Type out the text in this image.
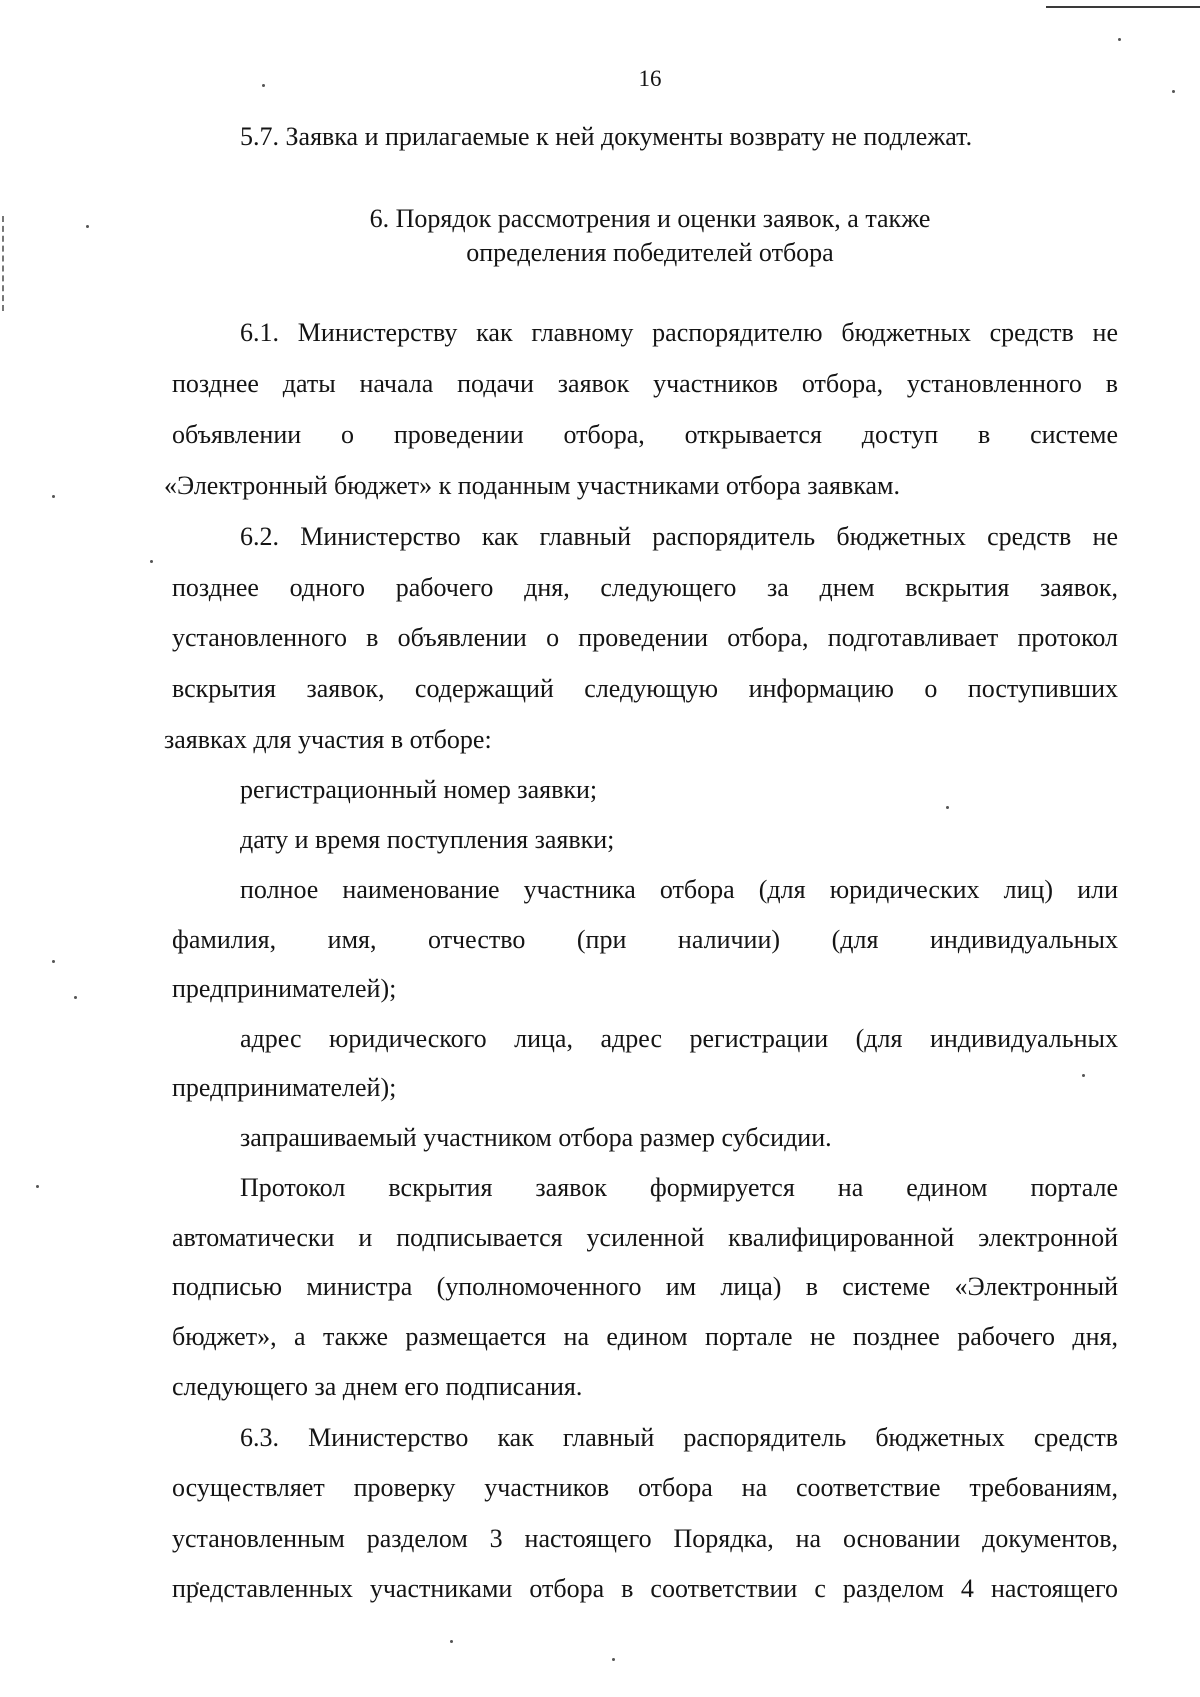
16
5.7. Заявка и прилагаемые к ней документы возврату не подлежат.
6. Порядок рассмотрения и оценки заявок, а также
определения победителей отбора
6.1. Министерству как главному распорядителю бюджетных средств не
позднее даты начала подачи заявок участников отбора, установленного в
объявлении о проведении отбора, открывается доступ в системе
«Электронный бюджет» к поданным участниками отбора заявкам.
6.2. Министерство как главный распорядитель бюджетных средств не
позднее одного рабочего дня, следующего за днем вскрытия заявок,
установленного в объявлении о проведении отбора, подготавливает протокол
вскрытия заявок, содержащий следующую информацию о поступивших
заявках для участия в отборе:
регистрационный номер заявки;
дату и время поступления заявки;
полное наименование участника отбора (для юридических лиц) или
фамилия, имя, отчество (при наличии) (для индивидуальных
предпринимателей);
адрес юридического лица, адрес регистрации (для индивидуальных
предпринимателей);
запрашиваемый участником отбора размер субсидии.
Протокол вскрытия заявок формируется на едином портале
автоматически и подписывается усиленной квалифицированной электронной
подписью министра (уполномоченного им лица) в системе «Электронный
бюджет», а также размещается на едином портале не позднее рабочего дня,
следующего за днем его подписания.
6.3. Министерство как главный распорядитель бюджетных средств
осуществляет проверку участников отбора на соответствие требованиям,
установленным разделом 3 настоящего Порядка, на основании документов,
представленных участниками отбора в соответствии с разделом 4 настоящего
